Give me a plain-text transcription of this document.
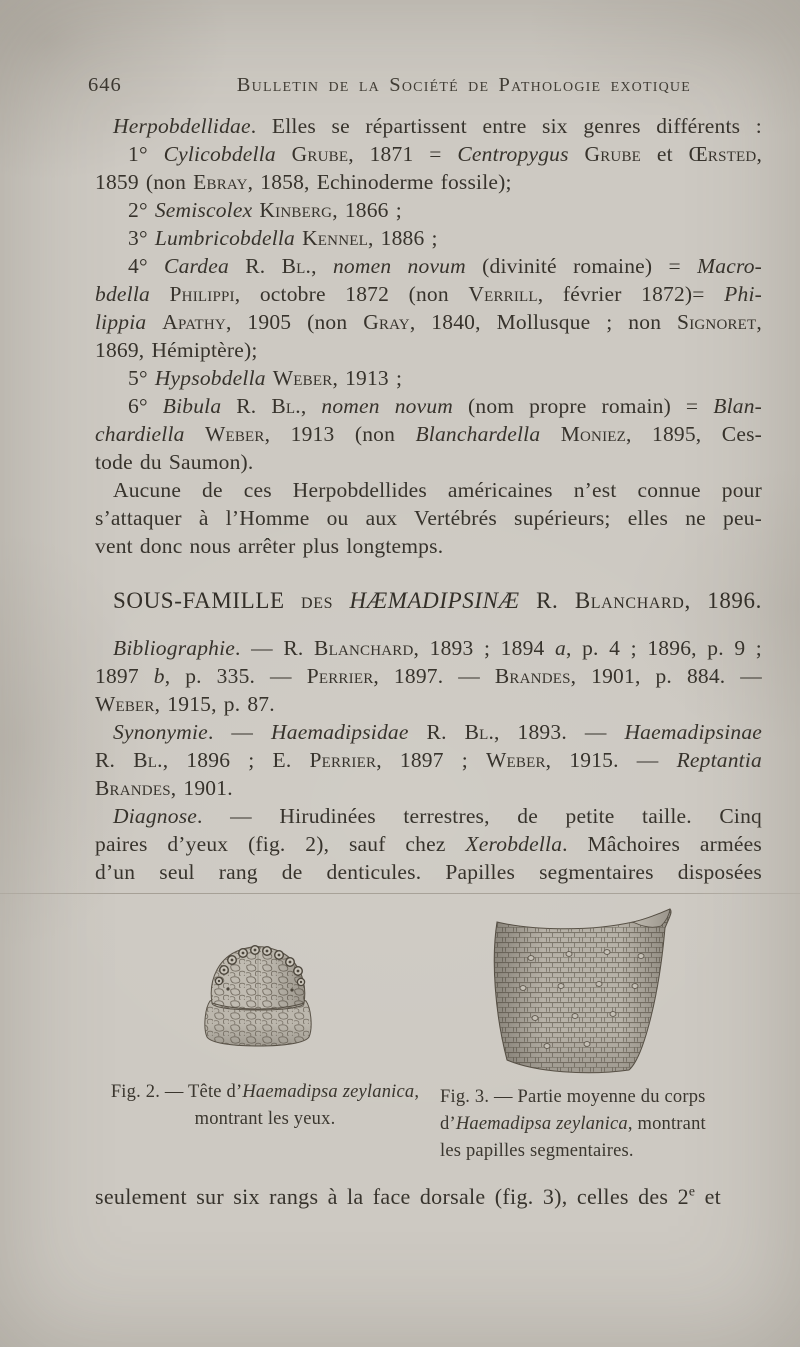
646	Bulletin de la Société de Pathologie exotique
Herpobdellidae. Elles se répartissent entre six genres différents :
1° Cylicobdella Grube, 1871 = Centropygus Grube et Œrsted,
1859 (non Ebray, 1858, Echinoderme fossile);
2° Semiscolex Kinberg, 1866 ;
3° Lumbricobdella Kennel, 1886 ;
4° Cardea R. Bl., nomen novum (divinité romaine) = Macro-
bdella Philippi, octobre 1872 (non Verrill, février 1872)= Phi-
lippia Apathy, 1905 (non Gray, 1840, Mollusque ; non Signoret,
1869, Hémiptère);
5° Hypsobdella Weber, 1913 ;
6° Bibula R. Bl., nomen novum (nom propre romain) = Blan-
chardiella Weber, 1913 (non Blanchardella Moniez, 1895, Ces-
tode du Saumon).
Aucune de ces Herpobdellides américaines n’est connue pour
s’attaquer à l’Homme ou aux Vertébrés supérieurs; elles ne peu-
vent donc nous arrêter plus longtemps.
SOUS-FAMILLE des HÆMADIPSINÆ R. Blanchard, 1896.
Bibliographie. — R. Blanchard, 1893 ; 1894 a, p. 4 ; 1896, p. 9 ;
1897 b, p. 335. — Perrier, 1897. — Brandes, 1901, p. 884. —
Weber, 1915, p. 87.
Synonymie. — Haemadipsidae R. Bl., 1893. — Haemadipsinae
R. Bl., 1896 ; E. Perrier, 1897 ; Weber, 1915. — Reptantia
Brandes, 1901.
Diagnose. — Hirudinées terrestres, de petite taille. Cinq
paires d’yeux (fig. 2), sauf chez Xerobdella. Mâchoires armées
d’un seul rang de denticules. Papilles segmentaires disposées
Fig. 2. — Tête d’Haemadipsa zeylanica,
montrant les yeux.
Fig. 3. — Partie moyenne du corps
d’Haemadipsa zeylanica, montrant
les papilles segmentaires.
seulement sur six rangs à la face dorsale (fig. 3), celles des 2e et
